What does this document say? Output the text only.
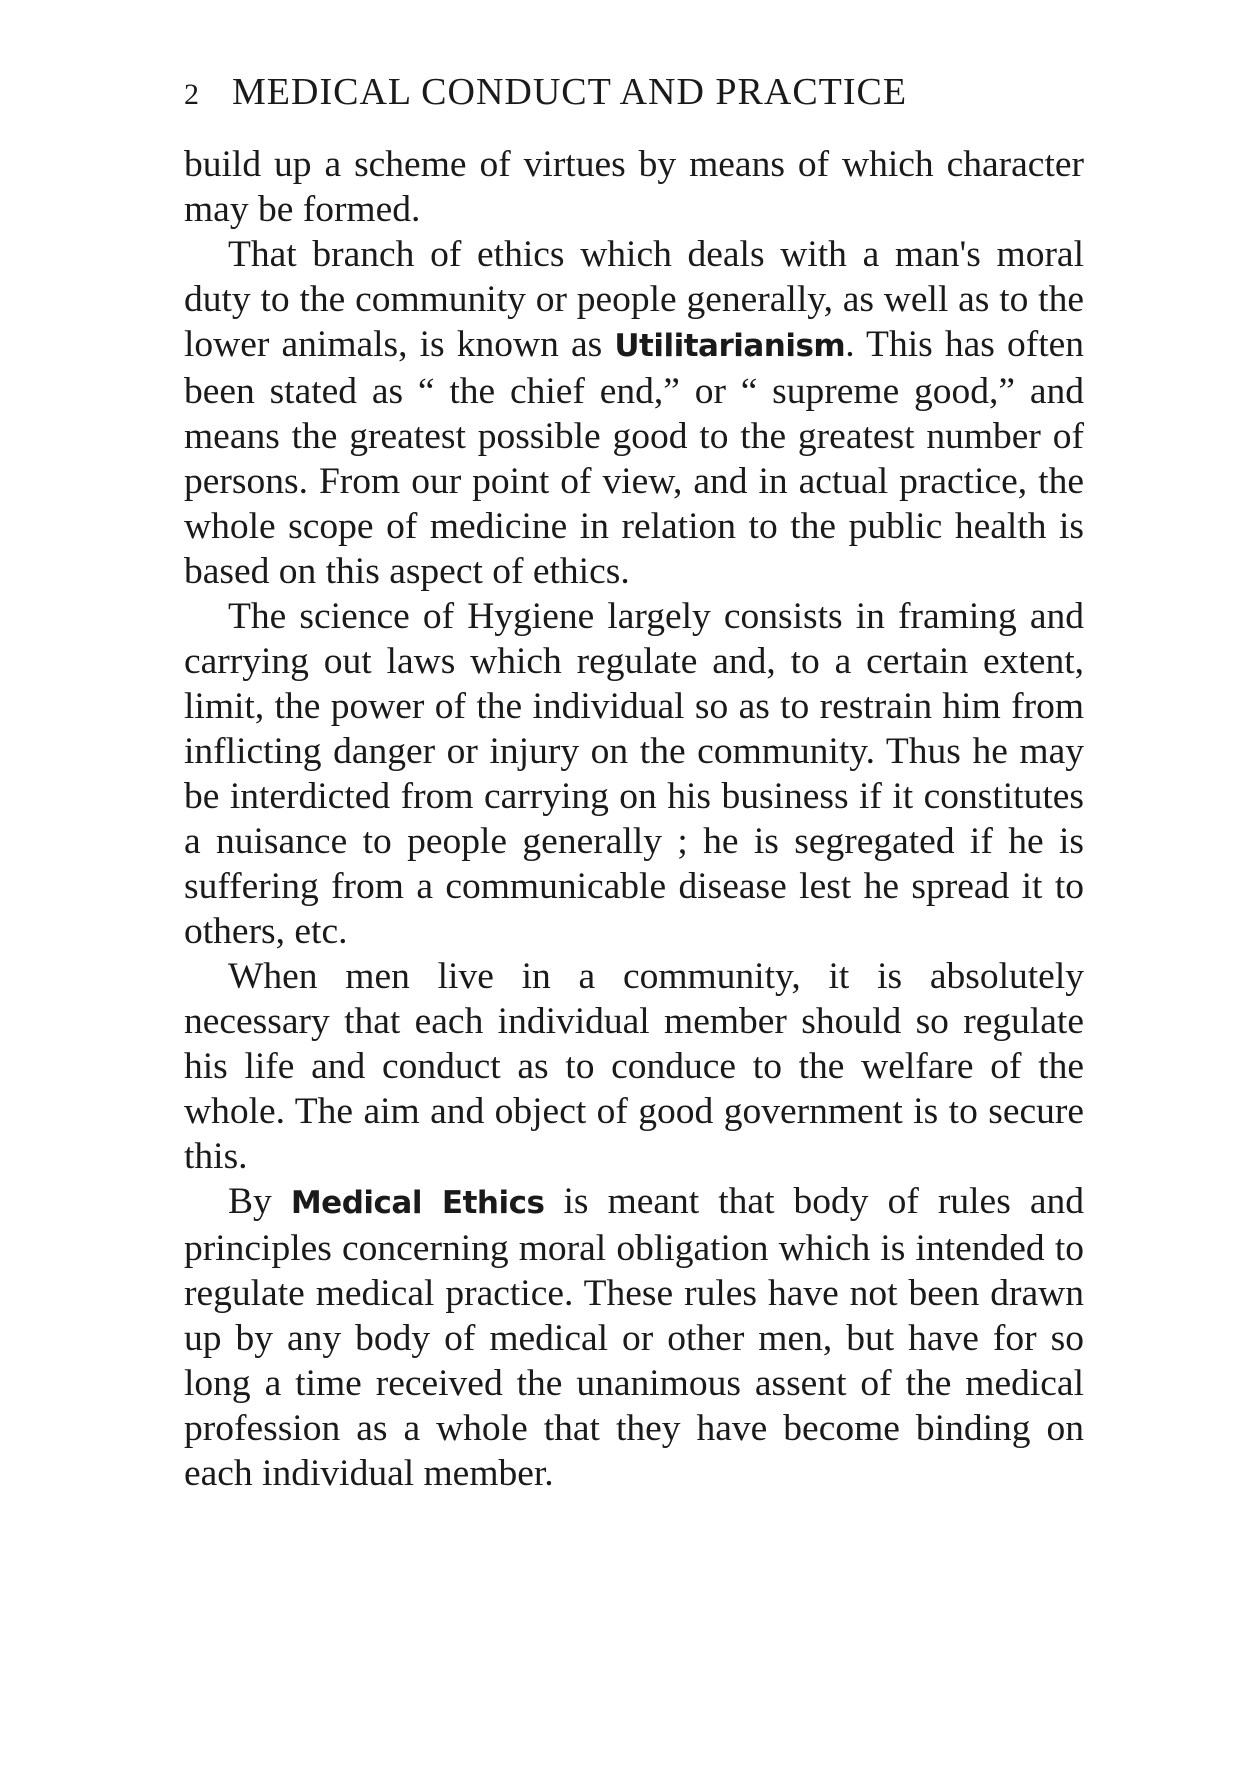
2 MEDICAL CONDUCT AND PRACTICE

build up a scheme of virtues by means of which character may be formed.

That branch of ethics which deals with a man's moral duty to the community or people generally, as well as to the lower animals, is known as Utilitarianism. This has often been stated as “ the chief end,” or “ supreme good,” and means the greatest possible good to the greatest number of persons. From our point of view, and in actual practice, the whole scope of medicine in relation to the public health is based on this aspect of ethics.

The science of Hygiene largely consists in framing and carrying out laws which regulate and, to a certain extent, limit, the power of the individual so as to restrain him from inflicting danger or injury on the community. Thus he may be interdicted from carrying on his business if it constitutes a nuisance to people generally ; he is segregated if he is suffering from a communicable disease lest he spread it to others, etc.

When men live in a community, it is absolutely necessary that each individual member should so regulate his life and conduct as to conduce to the welfare of the whole. The aim and object of good government is to secure this.

By Medical Ethics is meant that body of rules and principles concerning moral obligation which is intended to regulate medical practice. These rules have not been drawn up by any body of medical or other men, but have for so long a time received the unanimous assent of the medical profession as a whole that they have become binding on each individual member.
